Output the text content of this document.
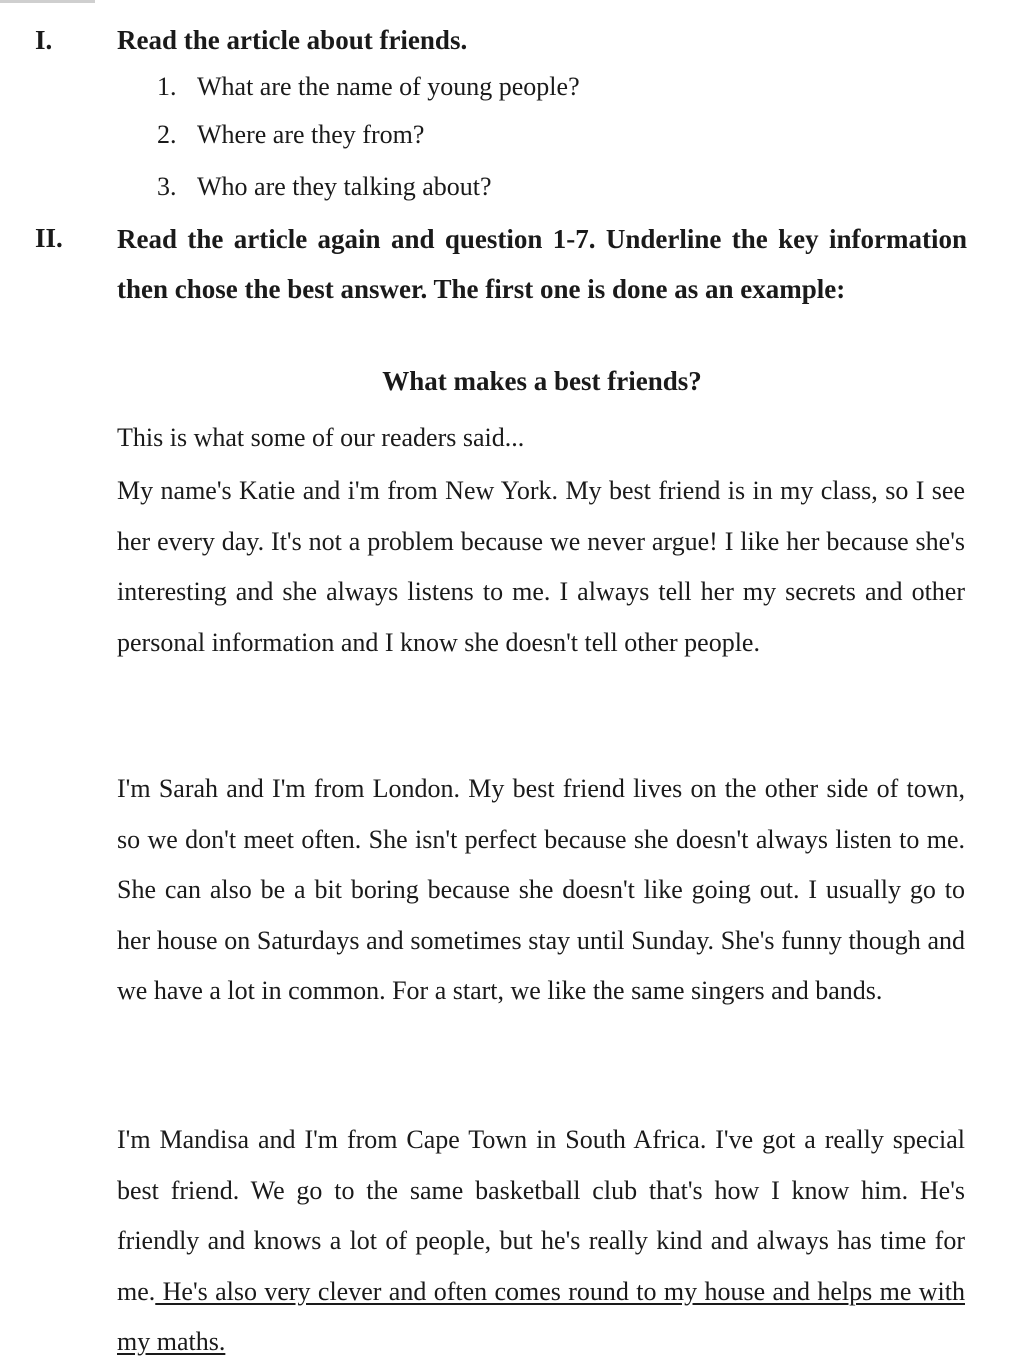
I. Read the article about friends.
1. What are the name of young people?
2. Where are they from?
3. Who are they talking about?
II. Read the article again and question 1-7. Underline the key information then chose the best answer. The first one is done as an example:
What makes a best friends?
This is what some of our readers said...
My name's Katie and i'm from New York. My best friend is in my class, so I see her every day. It's not a problem because we never argue! I like her because she's interesting and she always listens to me. I always tell her my secrets and other personal information and I know she doesn't tell other people.
I'm Sarah and I'm from London. My best friend lives on the other side of town, so we don't meet often. She isn't perfect because she doesn't always listen to me. She can also be a bit boring because she doesn't like going out. I usually go to her house on Saturdays and sometimes stay until Sunday. She's funny though and we have a lot in common. For a start, we like the same singers and bands.
I'm Mandisa and I'm from Cape Town in South Africa. I've got a really special best friend. We go to the same basketball club that's how I know him. He's friendly and knows a lot of people, but he's really kind and always has time for me. He's also very clever and often comes round to my house and helps me with my maths.
